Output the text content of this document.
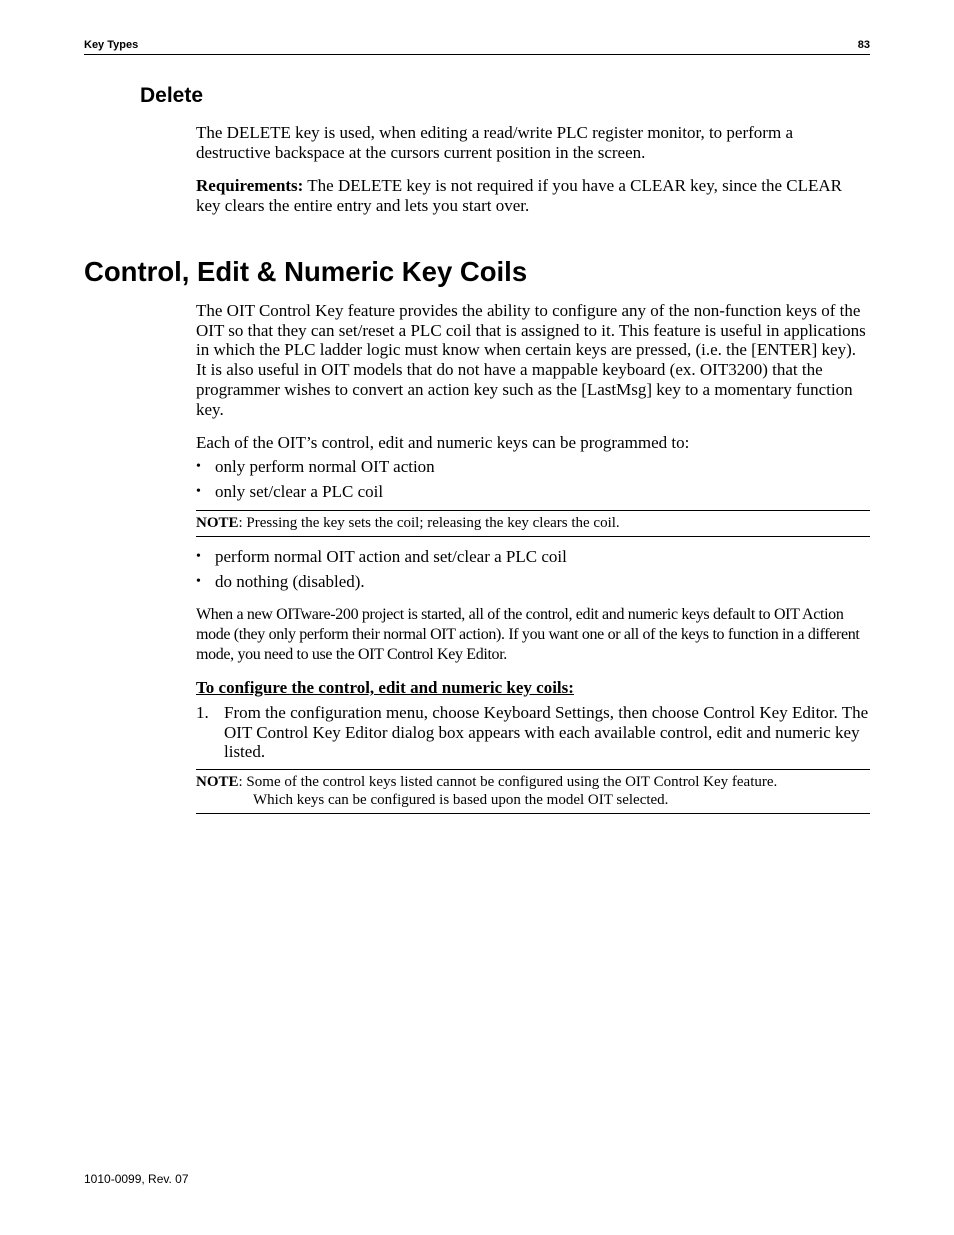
Key Types	83
Delete

The DELETE key is used, when editing a read/write PLC register monitor, to perform a destructive backspace at the cursors current position in the screen.

Requirements: The DELETE key is not required if you have a CLEAR key, since the CLEAR key clears the entire entry and lets you start over.

Control, Edit & Numeric Key Coils

The OIT Control Key feature provides the ability to configure any of the non-function keys of the OIT so that they can set/reset a PLC coil that is assigned to it. This feature is useful in applications in which the PLC ladder logic must know when certain keys are pressed, (i.e. the [ENTER] key). It is also useful in OIT models that do not have a mappable keyboard (ex. OIT3200) that the programmer wishes to convert an action key such as the [LastMsg] key to a momentary function key.

Each of the OIT’s control, edit and numeric keys can be programmed to:

• only perform normal OIT action
• only set/clear a PLC coil
NOTE: Pressing the key sets the coil; releasing the key clears the coil.
• perform normal OIT action and set/clear a PLC coil
• do nothing (disabled).

When a new OITware-200 project is started, all of the control, edit and numeric keys default to OIT Action mode (they only perform their normal OIT action). If you want one or all of the keys to function in a different mode, you need to use the OIT Control Key Editor.

To configure the control, edit and numeric key coils:
1. From the configuration menu, choose Keyboard Settings, then choose Control Key Editor. The OIT Control Key Editor dialog box appears with each available control, edit and numeric key listed.
NOTE: Some of the control keys listed cannot be configured using the OIT Control Key feature.
Which keys can be configured is based upon the model OIT selected.
1010-0099, Rev. 07
